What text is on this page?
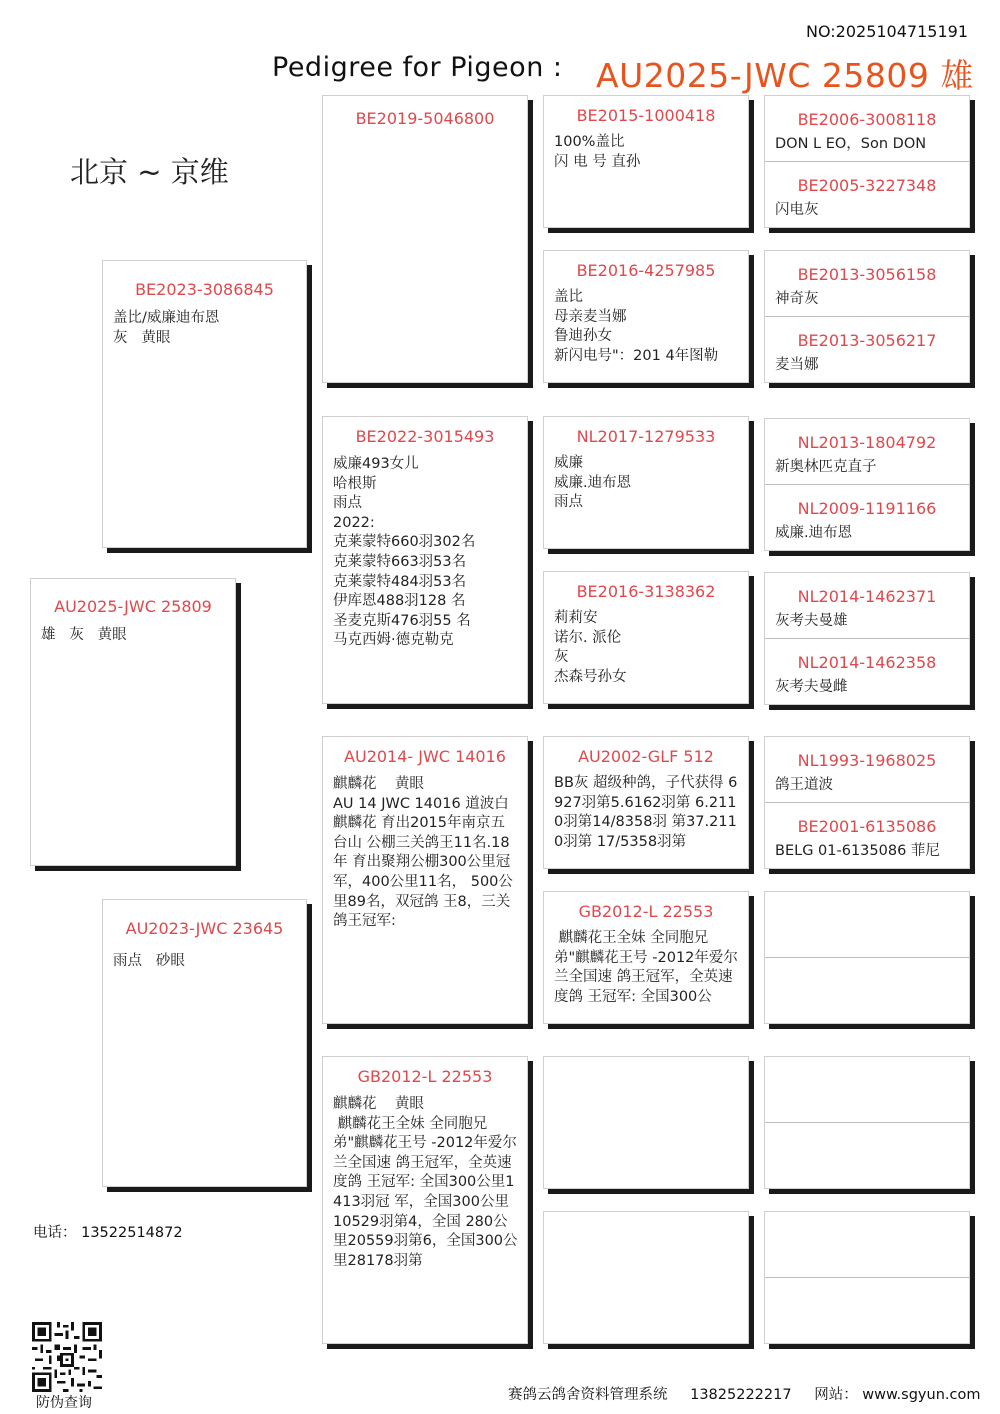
NO:2025104715191
Pedigree for Pigeon : AU2025-JWC 25809 雄
北京 ~ 京维
AU2025-JWC 25809
雄   灰   黄眼
BE2023-3086845
盖比/威廉迪布恩
灰   黄眼
AU2023-JWC 23645
雨点   砂眼
BE2019-5046800
BE2022-3015493
威廉493女儿
哈根斯
雨点
2022:
克莱蒙特660羽302名
克莱蒙特663羽53名
克莱蒙特484羽53名
伊库恩488羽128 名
圣麦克斯476羽55 名
马克西姆·德克勒克
AU2014- JWC 14016
麒麟花    黄眼
AU 14 JWC 14016 道波白麒麟花 育出2015年南京五台山 公棚三关鸽王11名.18年 育出聚翔公棚300公里冠 军，400公里11名， 500公里89名，双冠鸽 王8，三关鸽王冠军:
GB2012-L 22553
麒麟花    黄眼
麒麟花王全妹 全同胞兄弟"麒麟花王号 -2012年爱尔兰全国速 鸽王冠军，全英速度鸽 王冠军: 全国300公里1413羽冠 军，全国300公里 10529羽第4，全国 280公里20559羽第6，全国300公里28178羽第
BE2015-1000418
100%盖比
闪 电 号 直孙
BE2016-4257985
盖比
母亲麦当娜
鲁迪孙女
新闪电号"：201 4年图勒
NL2017-1279533
威廉
威廉.迪布恩
雨点
BE2016-3138362
莉莉安
诺尔. 派伦
灰
杰森号孙女
AU2002-GLF 512
BB灰 超级种鸽，子代获得 6927羽第5.6162羽第 6.2110羽第14/8358羽 第37.2110羽第 17/5358羽第
GB2012-L 22553
麒麟花王全妹 全同胞兄弟"麒麟花王号 -2012年爱尔兰全国速 鸽王冠军，全英速度鸽 王冠军: 全国300公
BE2006-3008118
DON L EO，Son DON
BE2005-3227348
闪电灰
BE2013-3056158
神奇灰
BE2013-3056217
麦当娜
NL2013-1804792
新奥林匹克直子
NL2009-1191166
威廉.迪布恩
NL2014-1462371
灰考夫曼雄
NL2014-1462358
灰考夫曼雌
NL1993-1968025
鸽王道波
BE2001-6135086
BELG 01-6135086 菲尼
电话： 13522514872
防伪查询	赛鸽云鸽舍资料管理系统 13825222217 网站： www.sgyun.com
